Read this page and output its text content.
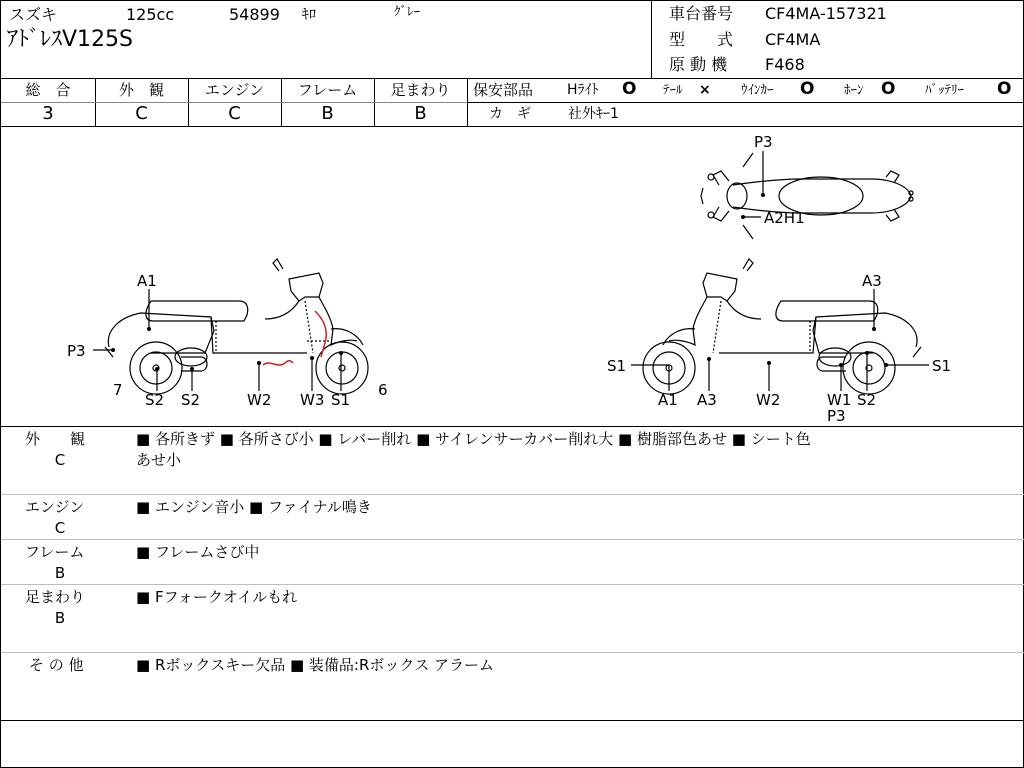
スズキ	125cc	54899 ｷﾛ	ｸﾞﾚｰ
ｱﾄﾞﾚｽV125S
車台番号 CF4MA-157321
型　　式 CF4MA
原 動 機 F468
総　合
3
外　観
C
エンジン
C
フレーム
B
足まわり
B
保安部品 Hﾗｲﾄ O ﾃｰﾙ × ｳｲﾝｶｰ O ﾎｰﾝ O ﾊﾞｯﾃﾘｰ O
カ　ギ	社外ｷｰ1
P3
A2H1
A1
P3
7
S2 S2	W2 W3 S1
6
A3
S1	S1
A1 A3	W2	W1 S2
P3
外　　観
C
■ 各所きず ■ 各所さび小 ■ レバー削れ ■ サイレンサーカバー削れ大 ■ 樹脂部色あせ ■ シート色
あせ小
エンジン
C
■ エンジン音小 ■ ファイナル鳴き
フレーム
B
■ フレームさび中
足まわり
B
■ Fフォークオイルもれ
そ の 他	■ Rボックスキー欠品 ■ 装備品:Rボックス アラーム
